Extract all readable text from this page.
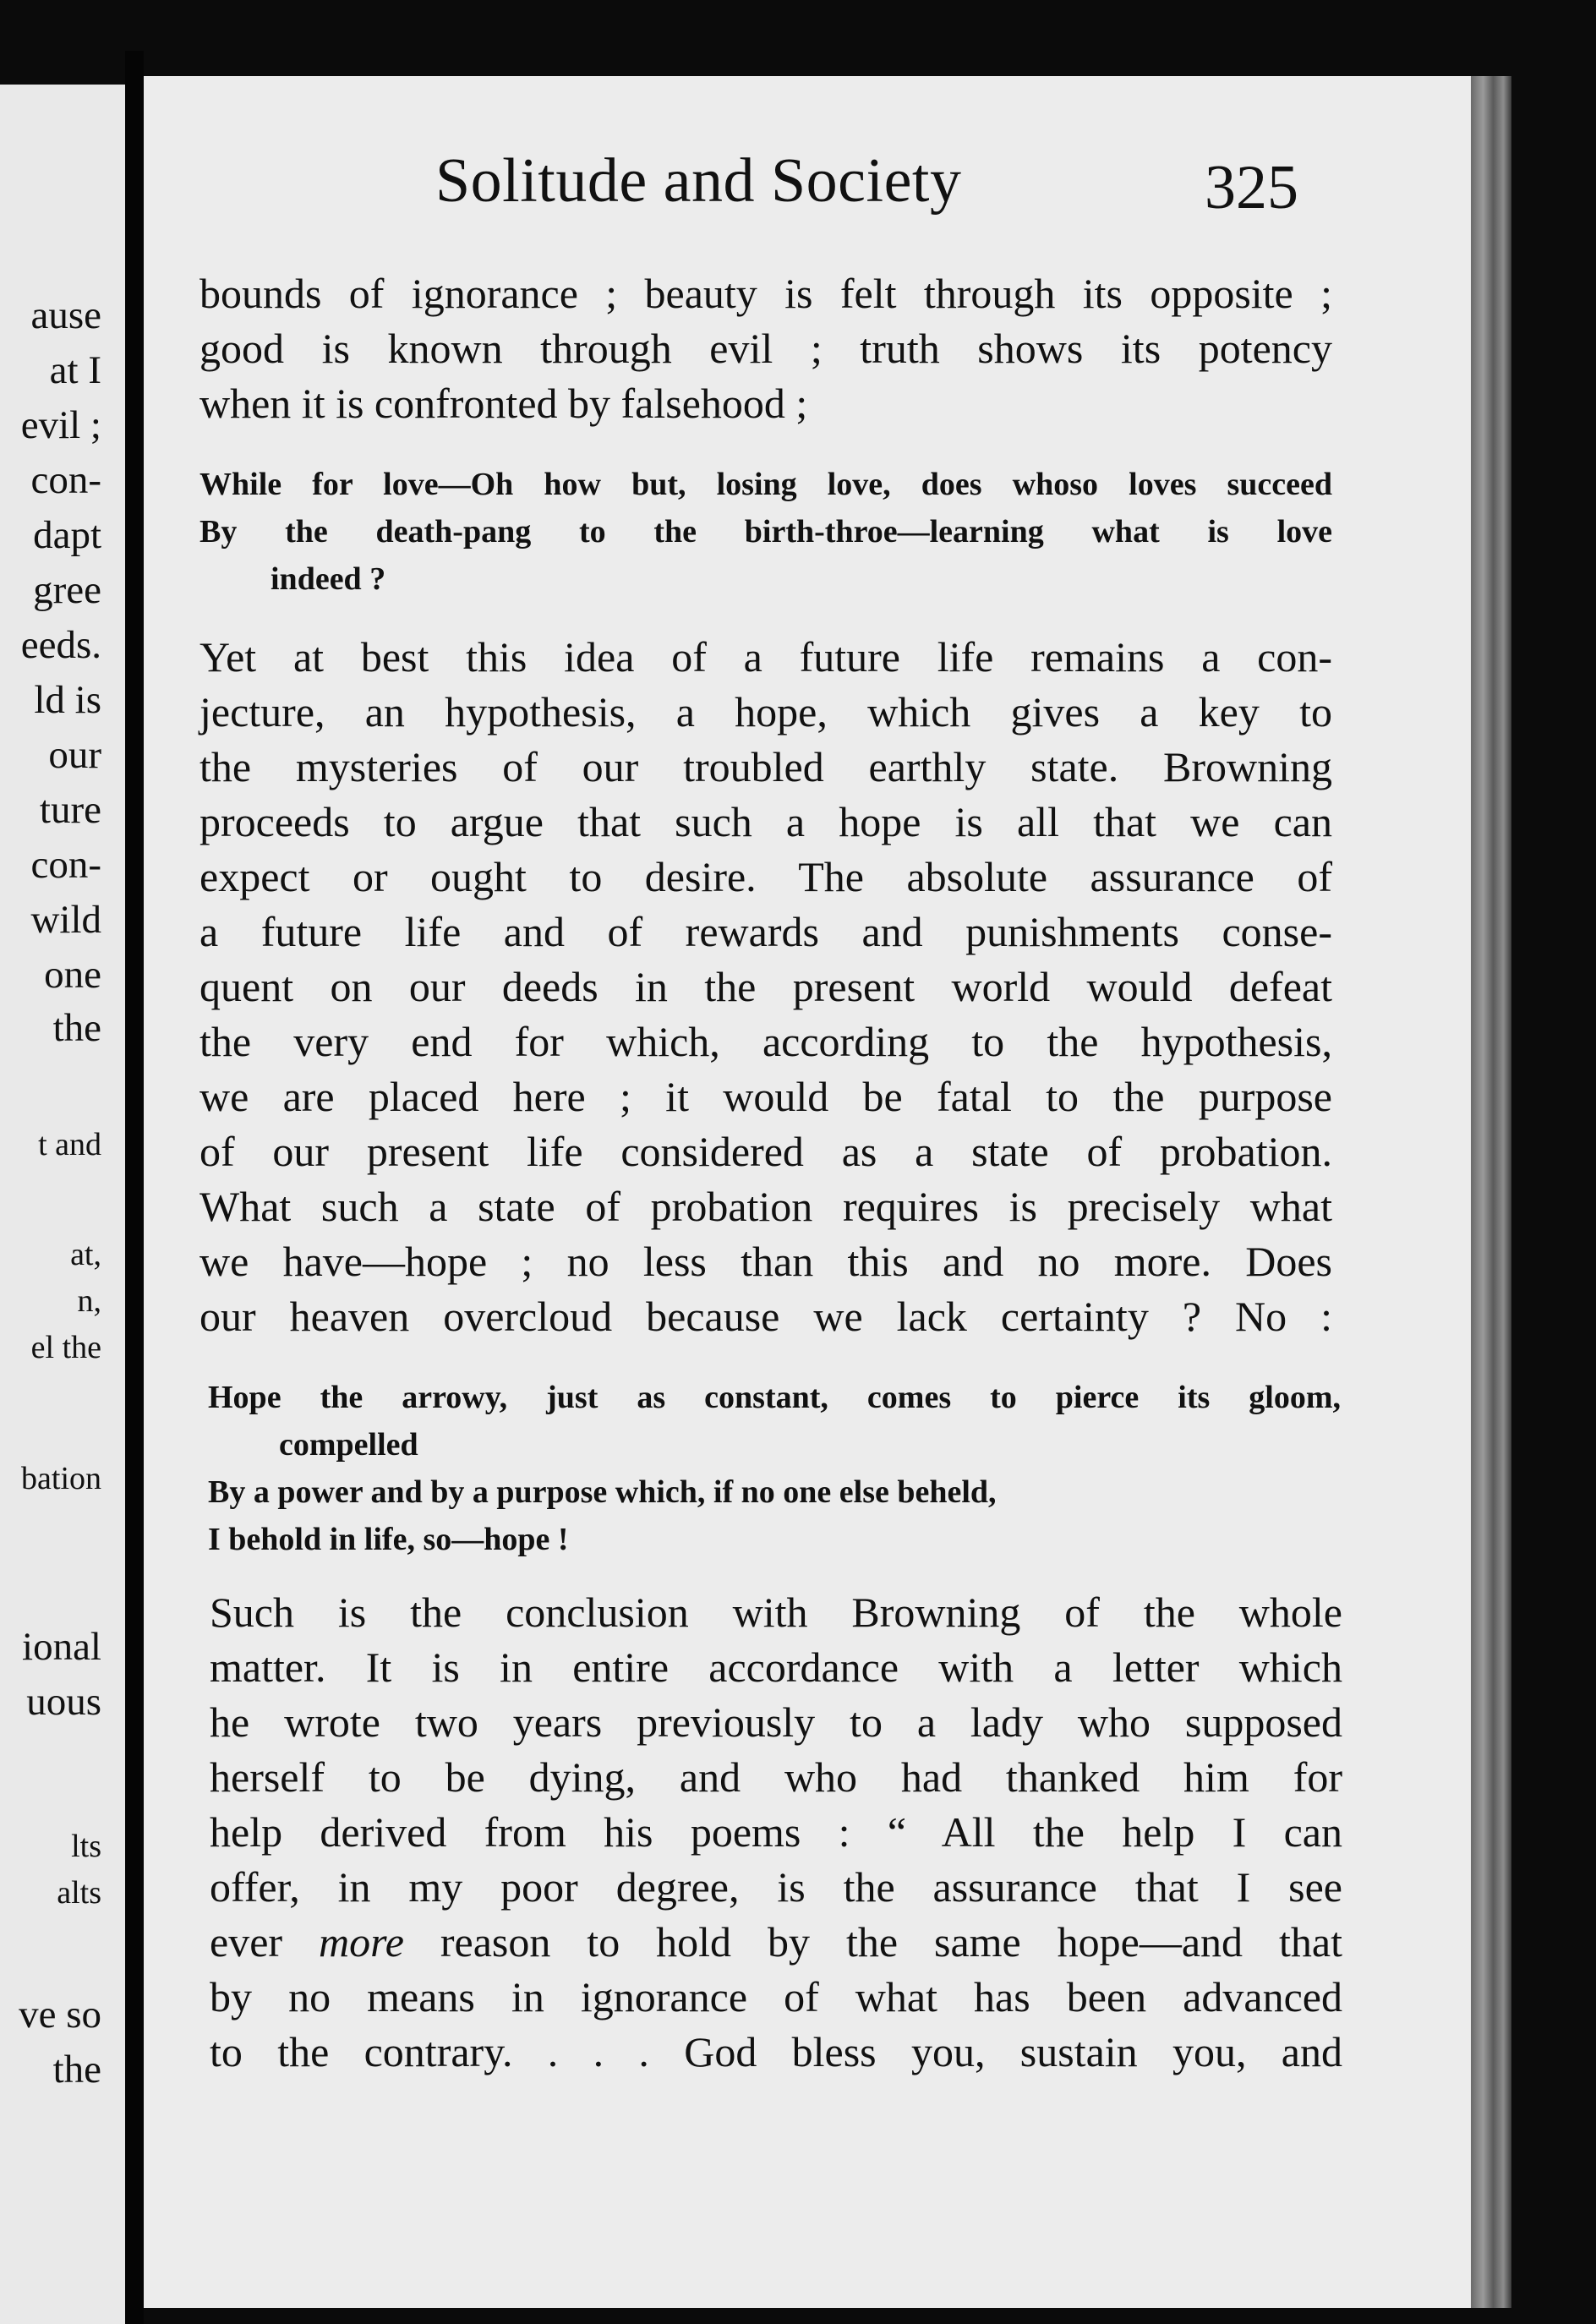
ause
at I
evil ;
con-
dapt
gree
eeds.
ld is
our
ture
con-
wild
one
the
t and
at,
n,
el the
bation
ional
uous
lts
alts
ve so
the
Solitude and Society	325
bounds of ignorance ; beauty is felt through its opposite ;
good is known through evil ; truth shows its potency
when it is confronted by falsehood ;
While for love—Oh how but, losing love, does whoso loves succeed
By the death-pang to the birth-throe—learning what is love
indeed ?
Yet at best this idea of a future life remains a con-
jecture, an hypothesis, a hope, which gives a key to
the mysteries of our troubled earthly state. Browning
proceeds to argue that such a hope is all that we can
expect or ought to desire. The absolute assurance of
a future life and of rewards and punishments conse-
quent on our deeds in the present world would defeat
the very end for which, according to the hypothesis,
we are placed here ; it would be fatal to the purpose
of our present life considered as a state of probation.
What such a state of probation requires is precisely what
we have—hope ; no less than this and no more. Does
our heaven overcloud because we lack certainty ? No :
Hope the arrowy, just as constant, comes to pierce its gloom,
compelled
By a power and by a purpose which, if no one else beheld,
I behold in life, so—hope !
Such is the conclusion with Browning of the whole
matter. It is in entire accordance with a letter which
he wrote two years previously to a lady who supposed
herself to be dying, and who had thanked him for
help derived from his poems : “ All the help I can
offer, in my poor degree, is the assurance that I see
ever more reason to hold by the same hope—and that
by no means in ignorance of what has been advanced
to the contrary. . . . God bless you, sustain you, and
